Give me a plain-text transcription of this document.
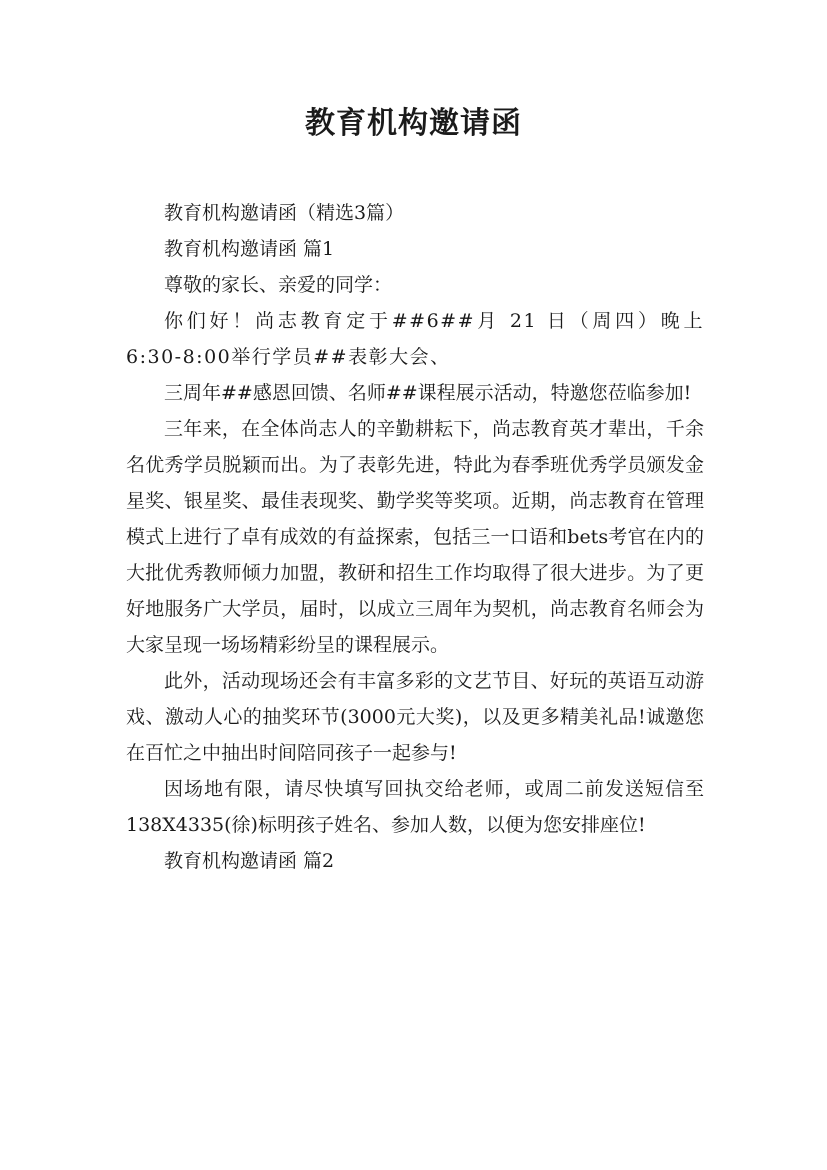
教育机构邀请函

教育机构邀请函（精选3篇）

教育机构邀请函 篇1

尊敬的家长、亲爱的同学：

你们好！尚志教育定于##6##月 21 日（周四）晚上 6:30-8:00举行学员##表彰大会、

三周年##感恩回馈、名师##课程展示活动，特邀您莅临参加!

三年来，在全体尚志人的辛勤耕耘下，尚志教育英才辈出，千余名优秀学员脱颖而出。为了表彰先进，特此为春季班优秀学员颁发金星奖、银星奖、最佳表现奖、勤学奖等奖项。近期，尚志教育在管理模式上进行了卓有成效的有益探索，包括三一口语和bets考官在内的大批优秀教师倾力加盟，教研和招生工作均取得了很大进步。为了更好地服务广大学员，届时，以成立三周年为契机，尚志教育名师会为大家呈现一场场精彩纷呈的课程展示。

此外，活动现场还会有丰富多彩的文艺节目、好玩的英语互动游戏、激动人心的抽奖环节(3000元大奖)，以及更多精美礼品!诚邀您在百忙之中抽出时间陪同孩子一起参与!

因场地有限，请尽快填写回执交给老师，或周二前发送短信至138X4335(徐)标明孩子姓名、参加人数，以便为您安排座位!

教育机构邀请函 篇2
